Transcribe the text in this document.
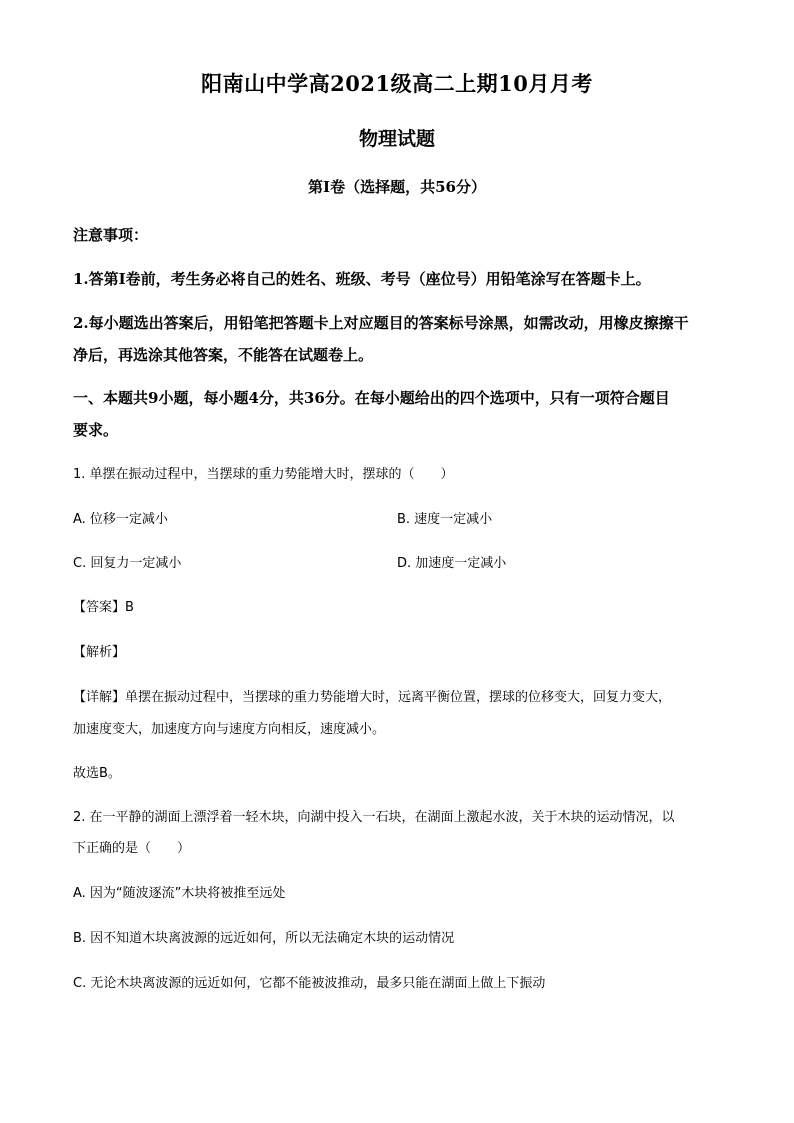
阳南山中学高2021级高二上期10月月考
物理试题
第I卷（选择题，共56分）
注意事项：
1.答第I卷前，考生务必将自己的姓名、班级、考号（座位号）用铅笔涂写在答题卡上。
2.每小题选出答案后，用铅笔把答题卡上对应题目的答案标号涂黑，如需改动，用橡皮擦擦干
净后，再选涂其他答案，不能答在试题卷上。
一、本题共9小题，每小题4分，共36分。在每小题给出的四个选项中，只有一项符合题目
要求。
1. 单摆在振动过程中，当摆球的重力势能增大时，摆球的（　　）
A. 位移一定减小	B. 速度一定减小
C. 回复力一定减小	D. 加速度一定减小
【答案】B
【解析】
【详解】单摆在振动过程中，当摆球的重力势能增大时，远离平衡位置，摆球的位移变大，回复力变大，
加速度变大，加速度方向与速度方向相反，速度减小。
故选B。
2. 在一平静的湖面上漂浮着一轻木块，向湖中投入一石块，在湖面上激起水波，关于木块的运动情况，以
下正确的是（　　）
A. 因为“随波逐流”木块将被推至远处
B. 因不知道木块离波源的远近如何，所以无法确定木块的运动情况
C. 无论木块离波源的远近如何，它都不能被波推动，最多只能在湖面上做上下振动
